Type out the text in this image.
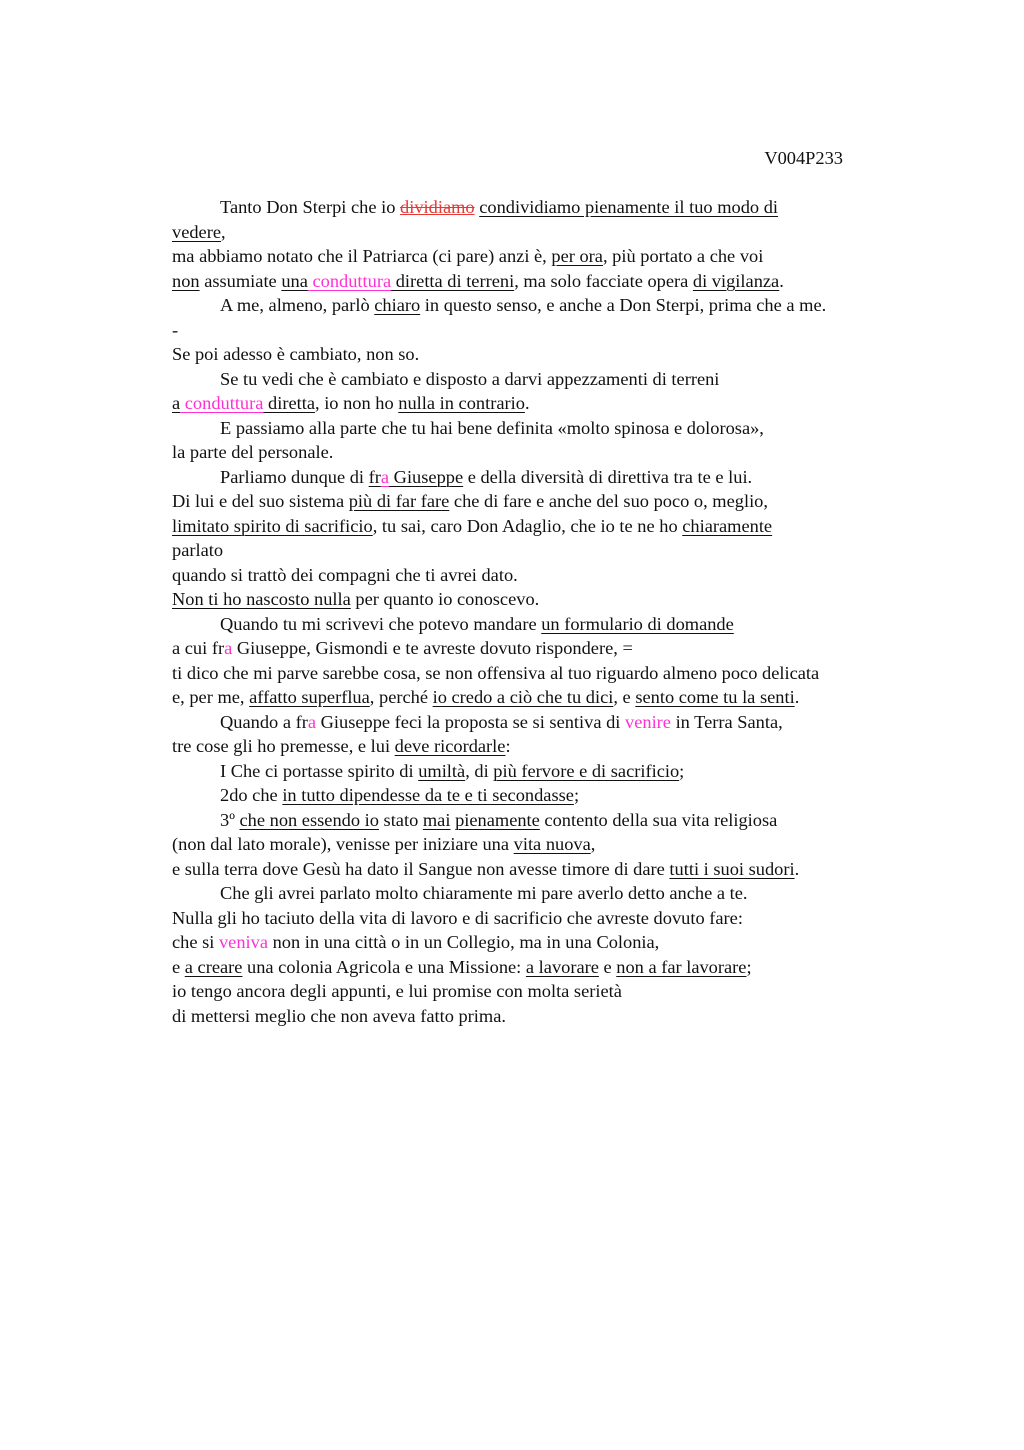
V004P233
Tanto Don Sterpi che io dividiamo condividiamo pienamente il tuo modo di
vedere,
ma abbiamo notato che il Patriarca (ci pare) anzi è, per ora, più portato a che voi
non assumiate una conduttura diretta di terreni, ma solo facciate opera di vigilanza.
A me, almeno, parlò chiaro in questo senso, e anche a Don Sterpi, prima che a me.
-
Se poi adesso è cambiato, non so.
Se tu vedi che è cambiato e disposto a darvi appezzamenti di terreni
a conduttura diretta, io non ho nulla in contrario.
E passiamo alla parte che tu hai bene definita «molto spinosa e dolorosa»,
la parte del personale.
Parliamo dunque di fra Giuseppe e della diversità di direttiva tra te e lui.
Di lui e del suo sistema più di far fare che di fare e anche del suo poco o, meglio,
limitato spirito di sacrificio, tu sai, caro Don Adaglio, che io te ne ho chiaramente
parlato
quando si trattò dei compagni che ti avrei dato.
Non ti ho nascosto nulla per quanto io conoscevo.
Quando tu mi scrivevi che potevo mandare un formulario di domande
a cui fra Giuseppe, Gismondi e te avreste dovuto rispondere, =
ti dico che mi parve sarebbe cosa, se non offensiva al tuo riguardo almeno poco delicata
e, per me, affatto superflua, perché io credo a ciò che tu dici, e sento come tu la senti.
Quando a fra Giuseppe feci la proposta se si sentiva di venire in Terra Santa,
tre cose gli ho premesse, e lui deve ricordarle:
I Che ci portasse spirito di umiltà, di più fervore e di sacrificio;
2do che in tutto dipendesse da te e ti secondasse;
3º che non essendo io stato mai pienamente contento della sua vita religiosa
(non dal lato morale), venisse per iniziare una vita nuova,
e sulla terra dove Gesù ha dato il Sangue non avesse timore di dare tutti i suoi sudori.
Che gli avrei parlato molto chiaramente mi pare averlo detto anche a te.
Nulla gli ho taciuto della vita di lavoro e di sacrificio che avreste dovuto fare:
che si veniva non in una città o in un Collegio, ma in una Colonia,
e a creare una colonia Agricola e una Missione: a lavorare e non a far lavorare;
io tengo ancora degli appunti, e lui promise con molta serietà
di mettersi meglio che non aveva fatto prima.
